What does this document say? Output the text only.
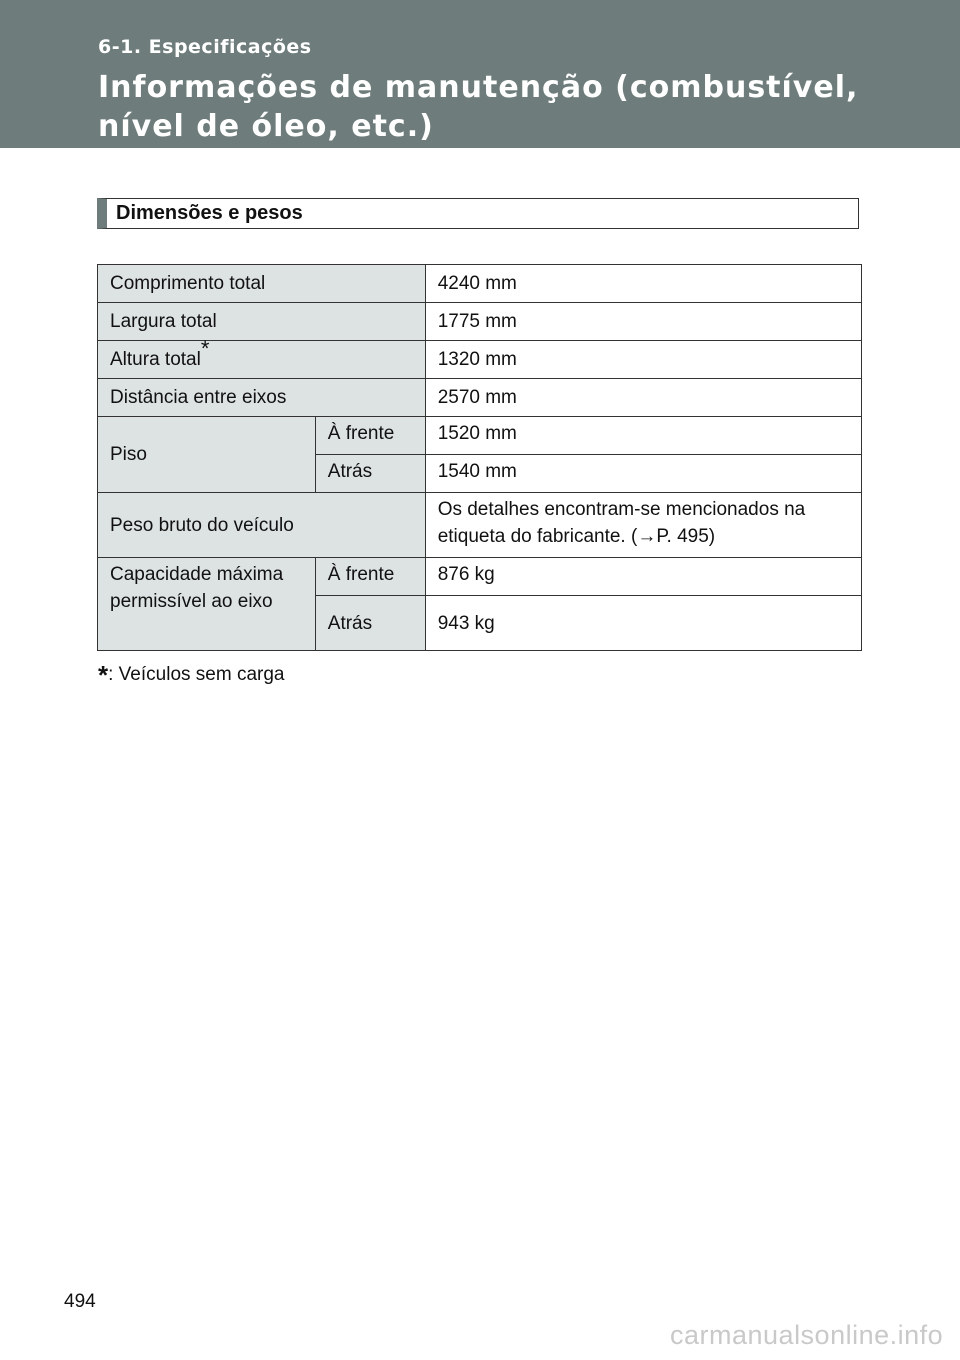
6-1. Especificações
Informações de manutenção (combustível, nível de óleo, etc.)
Dimensões e pesos
Comprimento total		4240 mm
Largura total		1775 mm
Altura total*		1320 mm
Distância entre eixos		2570 mm
Piso	À frente	1520 mm
	Atrás	1540 mm
Peso bruto do veículo		Os detalhes encontram-se mencionados na etiqueta do fabricante. (→P. 495)
Capacidade máxima permissível ao eixo	À frente	876 kg
	Atrás	943 kg
*: Veículos sem carga
494
carmanualsonline.info
